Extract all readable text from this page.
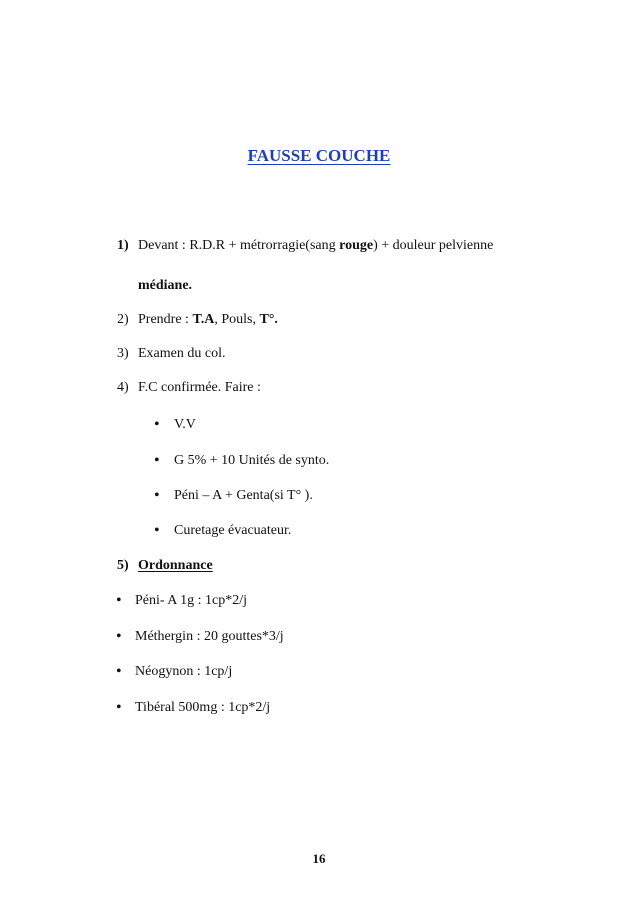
FAUSSE COUCHE
1) Devant : R.D.R + métrorragie(sang rouge) + douleur pelvienne
médiane.
2) Prendre : T.A, Pouls, T°.
3) Examen du col.
4) F.C confirmée. Faire :
• V.V
• G 5% + 10 Unités de synto.
• Péni – A + Genta(si T° ).
• Curetage évacuateur.
5) Ordonnance
• Péni- A 1g : 1cp*2/j
• Méthergin : 20 gouttes*3/j
• Néogynon : 1cp/j
• Tibéral 500mg : 1cp*2/j
16
